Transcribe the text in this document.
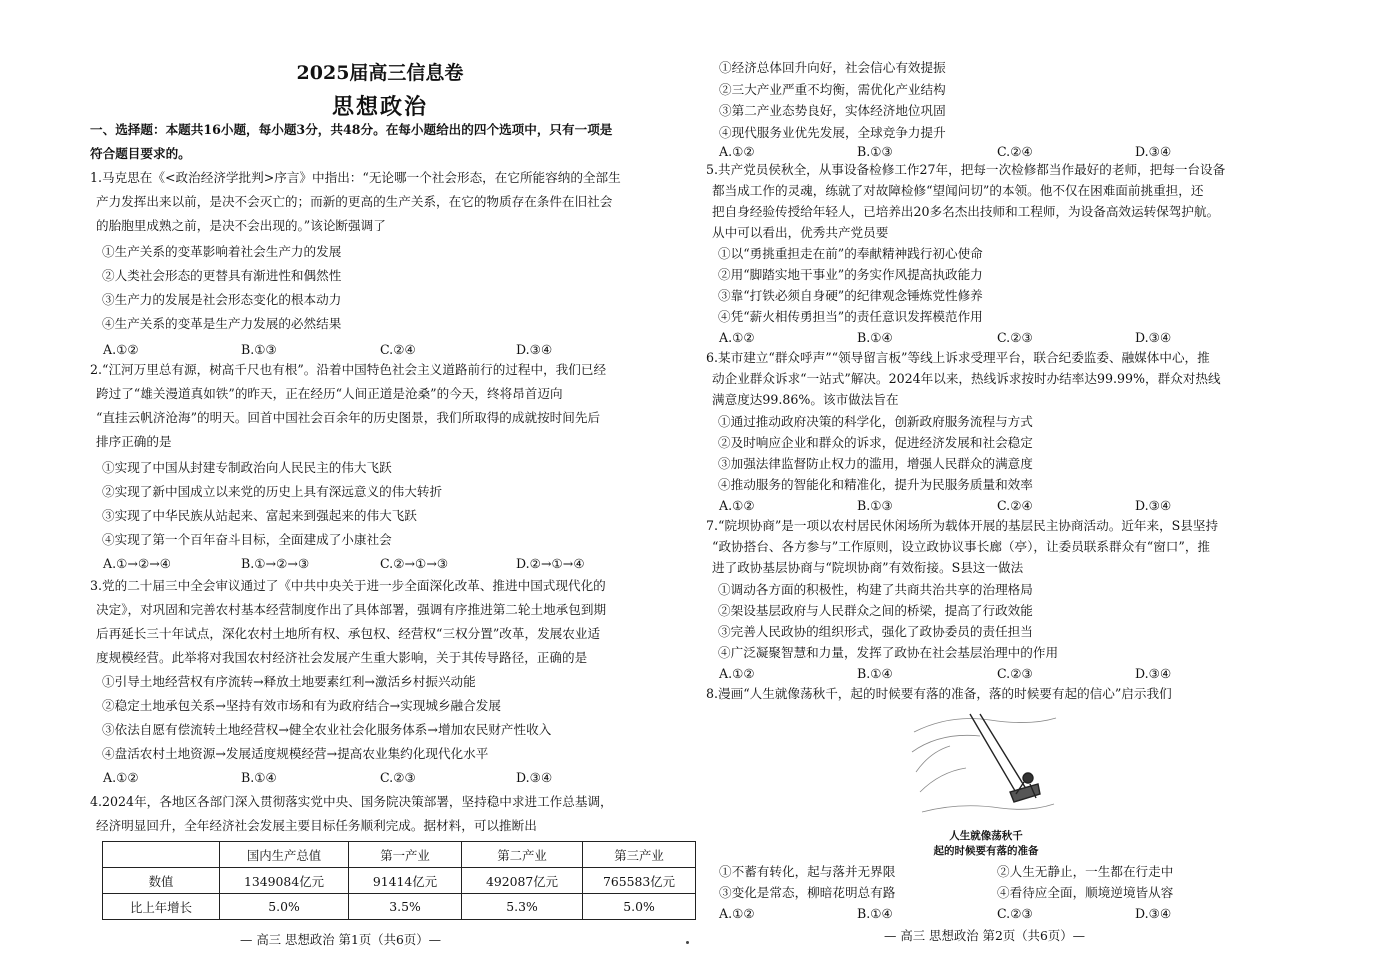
2025届高三信息卷
思想政治
一、选择题：本题共16小题，每小题3分，共48分。在每小题给出的四个选项中，只有一项是
符合题目要求的。
1.马克思在《<政治经济学批判>序言》中指出：“无论哪一个社会形态，在它所能容纳的全部生
产力发挥出来以前，是决不会灭亡的；而新的更高的生产关系，在它的物质存在条件在旧社会
的胎胞里成熟之前，是决不会出现的。”该论断强调了
①生产关系的变革影响着社会生产力的发展
②人类社会形态的更替具有渐进性和偶然性
③生产力的发展是社会形态变化的根本动力
④生产关系的变革是生产力发展的必然结果
A.①②	B.①③	C.②④	D.③④
2.“江河万里总有源，树高千尺也有根”。沿着中国特色社会主义道路前行的过程中，我们已经
跨过了“雄关漫道真如铁”的昨天，正在经历“人间正道是沧桑”的今天，终将昂首迈向
“直挂云帆济沧海”的明天。回首中国社会百余年的历史图景，我们所取得的成就按时间先后
排序正确的是
①实现了中国从封建专制政治向人民民主的伟大飞跃
②实现了新中国成立以来党的历史上具有深远意义的伟大转折
③实现了中华民族从站起来、富起来到强起来的伟大飞跃
④实现了第一个百年奋斗目标，全面建成了小康社会
A.①→②→④	B.①→②→③	C.②→①→③	D.②→①→④
3.党的二十届三中全会审议通过了《中共中央关于进一步全面深化改革、推进中国式现代化的
决定》，对巩固和完善农村基本经营制度作出了具体部署，强调有序推进第二轮土地承包到期
后再延长三十年试点，深化农村土地所有权、承包权、经营权“三权分置”改革，发展农业适
度规模经营。此举将对我国农村经济社会发展产生重大影响，关于其传导路径，正确的是
①引导土地经营权有序流转→释放土地要素红利→激活乡村振兴动能
②稳定土地承包关系→坚持有效市场和有为政府结合→实现城乡融合发展
③依法自愿有偿流转土地经营权→健全农业社会化服务体系→增加农民财产性收入
④盘活农村土地资源→发展适度规模经营→提高农业集约化现代化水平
A.①②	B.①④	C.②③	D.③④
4.2024年，各地区各部门深入贯彻落实党中央、国务院决策部署，坚持稳中求进工作总基调，
经济明显回升，全年经济社会发展主要目标任务顺利完成。据材料，可以推断出
①经济总体回升向好，社会信心有效提振
②三大产业严重不均衡，需优化产业结构
③第二产业态势良好，实体经济地位巩固
④现代服务业优先发展，全球竞争力提升
A.①②	B.①③	C.②④	D.③④
5.共产党员侯秋全，从事设备检修工作27年，把每一次检修都当作最好的老师，把每一台设备
都当成工作的灵魂，练就了对故障检修“望闻问切”的本领。他不仅在困难面前挑重担，还
把自身经验传授给年轻人，已培养出20多名杰出技师和工程师，为设备高效运转保驾护航。
从中可以看出，优秀共产党员要
①以“勇挑重担走在前”的奉献精神践行初心使命
②用“脚踏实地干事业”的务实作风提高执政能力
③靠“打铁必须自身硬”的纪律观念锤炼党性修养
④凭“薪火相传勇担当”的责任意识发挥模范作用
A.①②	B.①④	C.②③	D.③④
6.某市建立“群众呼声”“领导留言板”等线上诉求受理平台，联合纪委监委、融媒体中心，推
动企业群众诉求“一站式”解决。2024年以来，热线诉求按时办结率达99.99%，群众对热线
满意度达99.86%。该市做法旨在
①通过推动政府决策的科学化，创新政府服务流程与方式
②及时响应企业和群众的诉求，促进经济发展和社会稳定
③加强法律监督防止权力的滥用，增强人民群众的满意度
④推动服务的智能化和精准化，提升为民服务质量和效率
A.①②	B.①③	C.②④	D.③④
7.“院坝协商”是一项以农村居民休闲场所为载体开展的基层民主协商活动。近年来，S县坚持
“政协搭台、各方参与”工作原则，设立政协议事长廊（亭），让委员联系群众有“窗口”，推
进了政协基层协商与“院坝协商”有效衔接。S县这一做法
①调动各方面的积极性，构建了共商共治共享的治理格局
②架设基层政府与人民群众之间的桥梁，提高了行政效能
③完善人民政协的组织形式，强化了政协委员的责任担当
④广泛凝聚智慧和力量，发挥了政协在社会基层治理中的作用
A.①②	B.①④	C.②③	D.③④
8.漫画“人生就像荡秋千，起的时候要有落的准备，落的时候要有起的信心”启示我们
①不蓄有转化，起与落并无界限	②人生无静止，一生都在行走中
③变化是常态，柳暗花明总有路	④看待应全面，顺境逆境皆从容
A.①②	B.①④	C.②③	D.③④
	国内生产总值	第一产业	第二产业	第三产业
数值	1349084亿元	91414亿元	492087亿元	765583亿元
比上年增长	5.0%	3.5%	5.3%	5.0%
人生就像荡秋千
起的时候要有落的准备
— 高三 思想政治 第1页（共6页）—	— 高三 思想政治 第2页（共6页）—
